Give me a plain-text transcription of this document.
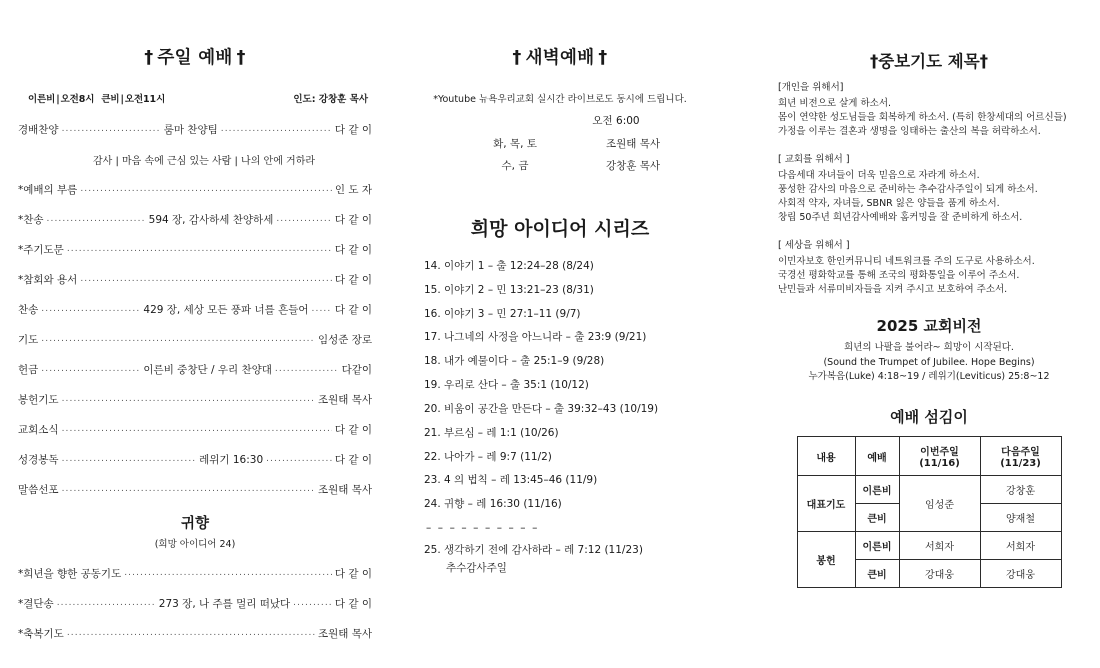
† 주일 예배 †
이른비|오전8시 큰비|오전11시	인도: 강창훈 목사
경배찬양 .....	룸마 찬양팀 .....	다 같 이
감사 | 마음 속에 근심 있는 사람 | 나의 안에 거하라
*예배의 부름 .....	인 도 자
*찬송 .....	594 장, 감사하세 찬양하세 .....	다 같 이
*주기도문 .....	다 같 이
*참회와 용서 .....	다 같 이
찬송 .....	429 장, 세상 모든 풍파 너를 흔들어 .....	다 같 이
기도 .....	임성준 장로
헌금 .....	이른비 중창단 / 우리 찬양대 .....	다같이
봉헌기도 .....	조원태 목사
교회소식 .....	다 같 이
성경봉독 .....	레위기 16:30 .....	다 같 이
말씀선포 .....	조원태 목사
귀향
(희망 아이디어 24)
*희년을 향한 공동기도 .....	다 같 이
*결단송 .....	273 장, 나 주를 멀리 떠났다 .....	다 같 이
*축복기도 .....	조원태 목사
† 새벽예배 †
*Youtube 뉴욕우리교회 실시간 라이브로도 동시에 드립니다.
오전 6:00
화, 목, 토	조원태 목사
수, 금	강창훈 목사
희망 아이디어 시리즈
14. 이야기 1 – 출 12:24–28 (8/24)
15. 이야기 2 – 민 13:21–23 (8/31)
16. 이야기 3 – 민 27:1–11 (9/7)
17. 나그네의 사정을 아느니라 – 출 23:9 (9/21)
18. 내가 예물이다 – 출 25:1–9 (9/28)
19. 우리로 산다 – 출 35:1 (10/12)
20. 비움이 공간을 만든다 – 출 39:32–43 (10/19)
21. 부르심 – 레 1:1 (10/26)
22. 나아가 – 레 9:7 (11/2)
23. 4 의 법칙 – 레 13:45–46 (11/9)
24. 귀향 – 레 16:30 (11/16)
– – – – – – – – – –
25. 생각하기 전에 감사하라 – 레 7:12 (11/23)
추수감사주일
†중보기도 제목†
[개인을 위해서]
희년 비전으로 살게 하소서.
몸이 연약한 성도님들을 회복하게 하소서. (특히 한창세대의 어르신들)
가정을 이루는 결혼과 생명을 잉태하는 출산의 복을 허락하소서.
[ 교회를 위해서 ]
다음세대 자녀들이 더욱 믿음으로 자라게 하소서.
풍성한 감사의 마음으로 준비하는 추수감사주일이 되게 하소서.
사회적 약자, 자녀들, SBNR 잃은 양들을 품게 하소서.
창립 50주년 희년감사예배와 홈커밍을 잘 준비하게 하소서.
[ 세상을 위해서 ]
이민자보호 한인커뮤니티 네트워크를 주의 도구로 사용하소서.
국경선 평화학교를 통해 조국의 평화통일을 이루어 주소서.
난민들과 서류미비자들을 지켜 주시고 보호하여 주소서.
2025 교회비전
희년의 나팔을 불어라~ 희망이 시작된다.
(Sound the Trumpet of Jubilee. Hope Begins)
누가복음(Luke) 4:18~19 / 레위기(Leviticus) 25:8~12
예배 섬김이
내용	예배	이번주일(11/16)	다음주일(11/23)
대표기도	이른비	임성준	강창훈
	큰비		양재철
봉헌	이른비	서희자	서희자
	큰비	강대웅	강대웅
